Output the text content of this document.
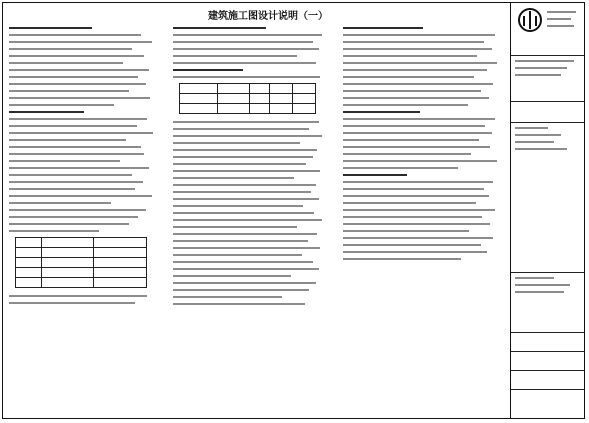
建筑施工图设计说明（一）
